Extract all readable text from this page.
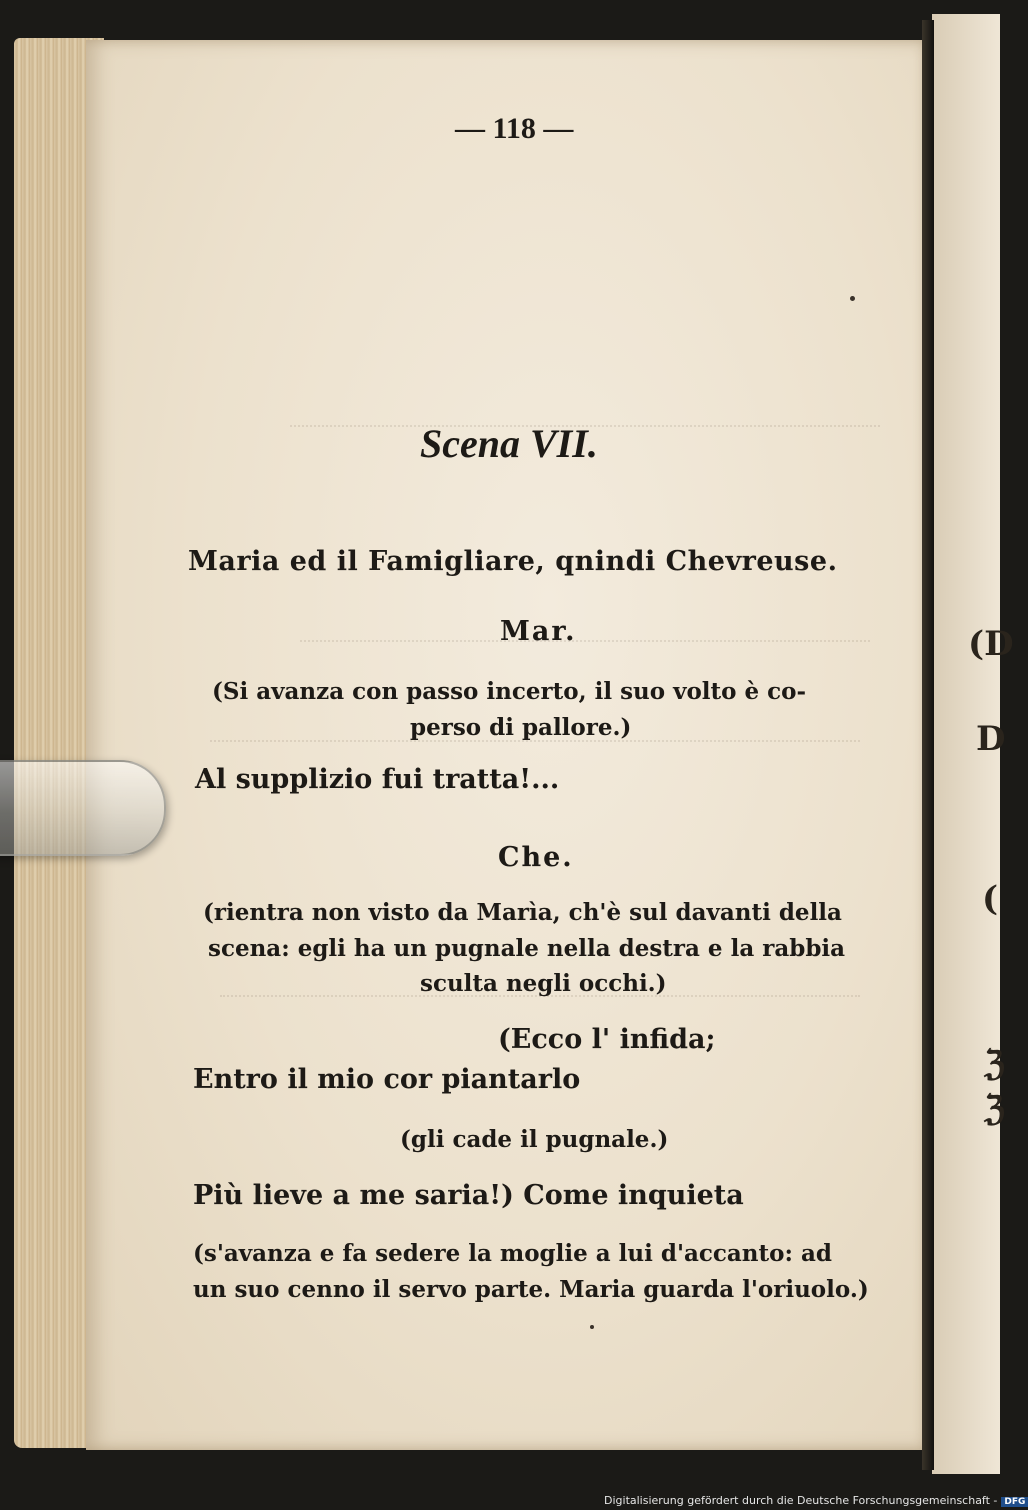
(D
D
(
ℨ
ℨ
— 118 —
Scena VII.
Maria ed il Famigliare, qnindi Chevreuse.
Mar.
(Si avanza con passo incerto, il suo volto è co-
perso di pallore.)
Al supplizio fui tratta!...
Che.
(rientra non visto da Marìa, ch'è sul davanti della
scena: egli ha un pugnale nella destra e la rabbia
sculta negli occhi.)
(Ecco l' infida;
Entro il mio cor piantarlo
(gli cade il pugnale.)
Più lieve a me saria!) Come inquieta
(s'avanza e fa sedere la moglie a lui d'accanto: ad
un suo cenno il servo parte. Maria guarda l'oriuolo.)
Digitalisierung gefördert durch die Deutsche Forschungsgemeinschaft - DFG
